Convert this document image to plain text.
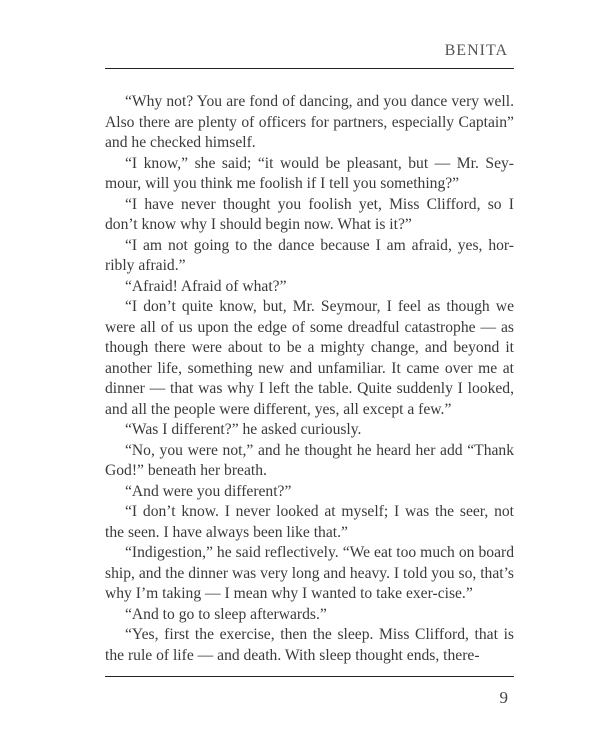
BENITA

“Why not? You are fond of dancing, and you dance very well. Also there are plenty of officers for partners, especially Captain” and he checked himself.

“I know,” she said; “it would be pleasant, but — Mr. Sey-mour, will you think me foolish if I tell you something?”

“I have never thought you foolish yet, Miss Clifford, so I don’t know why I should begin now. What is it?”

“I am not going to the dance because I am afraid, yes, hor-ribly afraid.”

“Afraid! Afraid of what?”

“I don’t quite know, but, Mr. Seymour, I feel as though we were all of us upon the edge of some dreadful catastrophe — as though there were about to be a mighty change, and beyond it another life, something new and unfamiliar. It came over me at dinner — that was why I left the table. Quite suddenly I looked, and all the people were different, yes, all except a few.”

“Was I different?” he asked curiously.

“No, you were not,” and he thought he heard her add “Thank God!” beneath her breath.

“And were you different?”

“I don’t know. I never looked at myself; I was the seer, not the seen. I have always been like that.”

“Indigestion,” he said reflectively. “We eat too much on board ship, and the dinner was very long and heavy. I told you so, that’s why I’m taking — I mean why I wanted to take exer-cise.”

“And to go to sleep afterwards.”

“Yes, first the exercise, then the sleep. Miss Clifford, that is the rule of life — and death. With sleep thought ends, there-

9
